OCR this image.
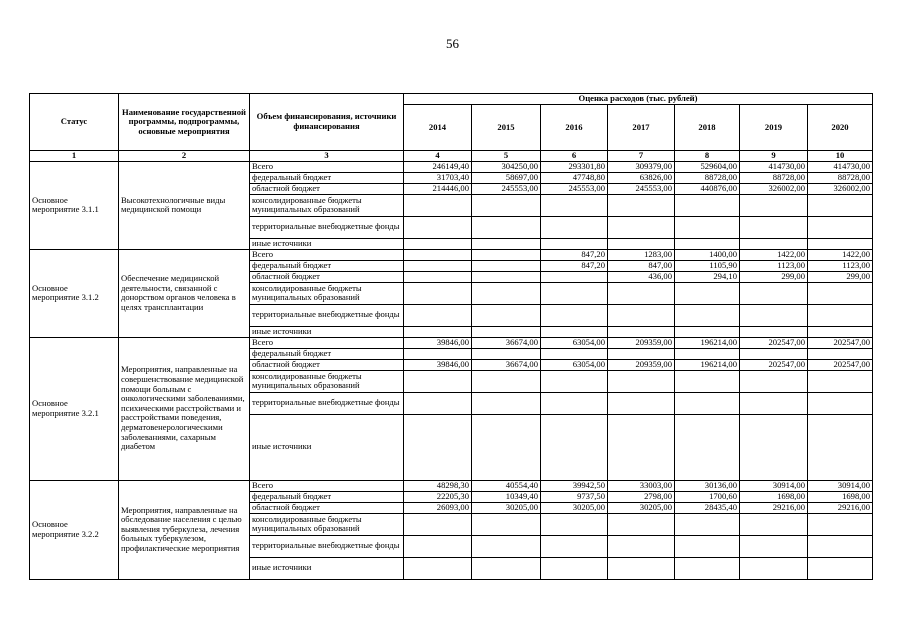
56
Статус	Наименование государственной программы, подпрограммы, основные мероприятия	Объем финансирования, источники финансирования	Оценка расходов (тыс. рублей)						
			2014	2015	2016	2017	2018	2019	2020
1	2	3	4	5	6	7	8	9	10
Основное мероприятие 3.1.1	Высокотехнологичные виды медицинской помощи	Всего	246149,40	304250,00	293301,80	309379,00	529604,00	414730,00	414730,00
		федеральный бюджет	31703,40	58697,00	47748,80	63826,00	88728,00	88728,00	88728,00
		областной бюджет	214446,00	245553,00	245553,00	245553,00	440876,00	326002,00	326002,00
		консолидированные бюджеты муниципальных образований							
		территориальные внебюджетные фонды							
		иные источники							
Основное мероприятие 3.1.2	Обеспечение медицинской деятельности, связанной с донорством органов человека в целях трансплантации	Всего			847,20	1283,00	1400,00	1422,00	1422,00
		федеральный бюджет			847,20	847,00	1105,90	1123,00	1123,00
		областной бюджет				436,00	294,10	299,00	299,00
		консолидированные бюджеты муниципальных образований							
		территориальные внебюджетные фонды							
		иные источники							
Основное мероприятие 3.2.1	Мероприятия, направленные на совершенствование медицинской помощи больным с онкологическими заболеваниями, психическими расстройствами и расстройствами поведения, дерматовенерологическими заболеваниями, сахарным диабетом	Всего	39846,00	36674,00	63054,00	209359,00	196214,00	202547,00	202547,00
		федеральный бюджет							
		областной бюджет	39846,00	36674,00	63054,00	209359,00	196214,00	202547,00	202547,00
		консолидированные бюджеты муниципальных образований							
		территориальные внебюджетные фонды							
		иные источники							
Основное мероприятие 3.2.2	Мероприятия, направленные на обследование населения с целью выявления туберкулеза, лечения больных туберкулезом, профилактические мероприятия	Всего	48298,30	40554,40	39942,50	33003,00	30136,00	30914,00	30914,00
		федеральный бюджет	22205,30	10349,40	9737,50	2798,00	1700,60	1698,00	1698,00
		областной бюджет	26093,00	30205,00	30205,00	30205,00	28435,40	29216,00	29216,00
		консолидированные бюджеты муниципальных образований							
		территориальные внебюджетные фонды							
		иные источники							
